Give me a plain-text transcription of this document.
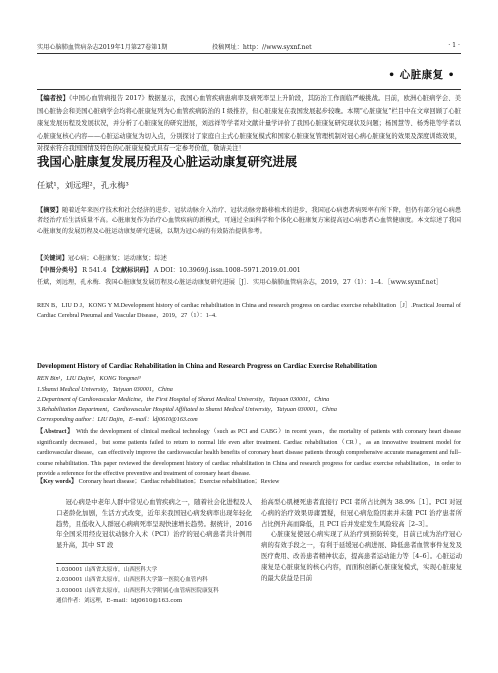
实用心脑肺血管病杂志2019年1月第27卷第1期	投稿网址：http：//www.syxnf.net	· 1 ·
• 心脏康复 •
【编者按】《中国心血管病报告 2017》数据显示，我国心血管疾病患病率及病死率呈上升阶段，其防治工作面临严峻挑战。目前，欧洲心脏病学会、美国心脏协会和美国心脏病学会均将心脏康复列为心血管疾病防治的 I 级推荐，但心脏康复在我国发展起步较晚。本期“心脏康复”栏目中在文章回顾了心脏康复发展历程及发展状况，并分析了心脏康复的研究进展，刘远祥等学者对文献计量学评价了我国心脏康复研究现状及问题；杨国慧等、杨秀艳等学者以心脏康复核心内容——心脏运动康复为切入点，分别探讨了家庭自主式心脏康复模式和国家心脏康复管理机制对冠心病心脏康复的效果及深度训练效果，对探索符合我国国情及特色的心脏康复模式具有一定参考价值，敬请关注！
我国心脏康复发展历程及心脏运动康复研究进展
任斌¹，刘远理²，孔永梅³
【摘要】随着近年来医疗技术和社会经济的进步、冠状动脉介入治疗、冠状动脉旁路移植术的进步，我国冠心病患者病死率有所下降，但仍有部分冠心病患者经治疗后生活质量不高。心脏康复作为治疗心血管疾病的新模式，可通过全面科学和个体化心脏康复方案提高冠心病患者心血管健康度。本文综述了我国心脏康复的发展历程及心脏运动康复研究进展，以期为冠心病的有效防治提供参考。
【关键词】冠心病；心脏康复；运动康复；综述
【中图分类号】 R 541.4 【文献标识码】 A DOI：10.3969/j.issn.1008–5971.2019.01.001
任斌，刘远理，孔永梅．我国心脏康复发展历程及心脏运动康复研究进展［J］．实用心脑肺血管病杂志，2019，27（1）：1–4．［www.syxnf.net］
REN B，LIU D J，KONG Y M.Development history of cardiac rehabilitation in China and research progress on cardiac exercise rehabilitation［J］.Practical Journal of Cardiac Cerebral Pneumal and Vascular Disease，2019，27（1）：1–4.
Development History of Cardiac Rehabilitation in China and Research Progress on Cardiac Exercise Rehabilitation
REN Bin¹，LIU Dajin²，KONG Yongmei³
1.Shanxi Medical University，Taiyuan 030001，China
2.Department of Cardiovascular Medicine，the First Hospital of Shanxi Medical University，Taiyuan 030001，China
3.Rehabilitation Department，Cardiovascular Hospital Affiliated to Shanxi Medical University，Taiyuan 030001，China
Corresponding author：LIU Dajin，E–mail：ldj0610@163.com
【Abstract】 With the development of clinical medical technology（such as PCI and CABG）in recent years，the mortality of patients with coronary heart disease significantly decreased，but some patients failed to return to normal life even after treatment. Cardiac rehabilitation（CR），as an innovative treatment model for cardiovascular disease，can effectively improve the cardiovascular health benefits of coronary heart disease patients through comprehensive accurate management and full–course rehabilitation. This paper reviewed the development history of cardiac rehabilitation in China and research progress for cardiac exercise rehabilitation，in order to provide a reference for the effective preventive and treatment of coronary heart disease.
【Key words】 Coronary heart disease；Cardiac rehabilitation；Exercise rehabilitation；Review
冠心病是中老年人群中常见心血管疾病之一，随着社会化进程及人口老龄化加剧，生活方式改变，近年来我国冠心病发病率出现年轻化趋势，且低收入人群冠心病病死率呈现快速增长趋势。据统计，2016 年全国采用经皮冠状动脉介入术（PCI）治疗的冠心病患者共计例用显升高，其中 ST 段

抬高型心肌梗死患者直接行 PCI 者所占比例为 38.9%［1］。PCI 对冠心病的治疗效果毋庸置疑，但冠心病危险因素并未随 PCI 治疗患者所占比例升高而降低，且 PCI 后并发症发生风险较高［2–3］。

心脏康复使冠心病实现了从治疗到预防转变，目前已成为治疗冠心病的有效手段之一，有利于延缓冠心病进展、降低患者血管事件复发及医疗费用、改善患者精神状态，提高患者运动能力等［4–6］。心脏运动康复是心脏康复的核心内容，而面积创新心脏康复模式，实现心脏康复的最大获益是目前

1.030001 山西省太原市，山西医科大学
2.030001 山西省太原市，山西医科大学第一医院心血管内科
3.030001 山西省太原市，山西医科大学附属心血管病医院康复科
通信作者：刘远理，E–mail：ldj0610@163.com
